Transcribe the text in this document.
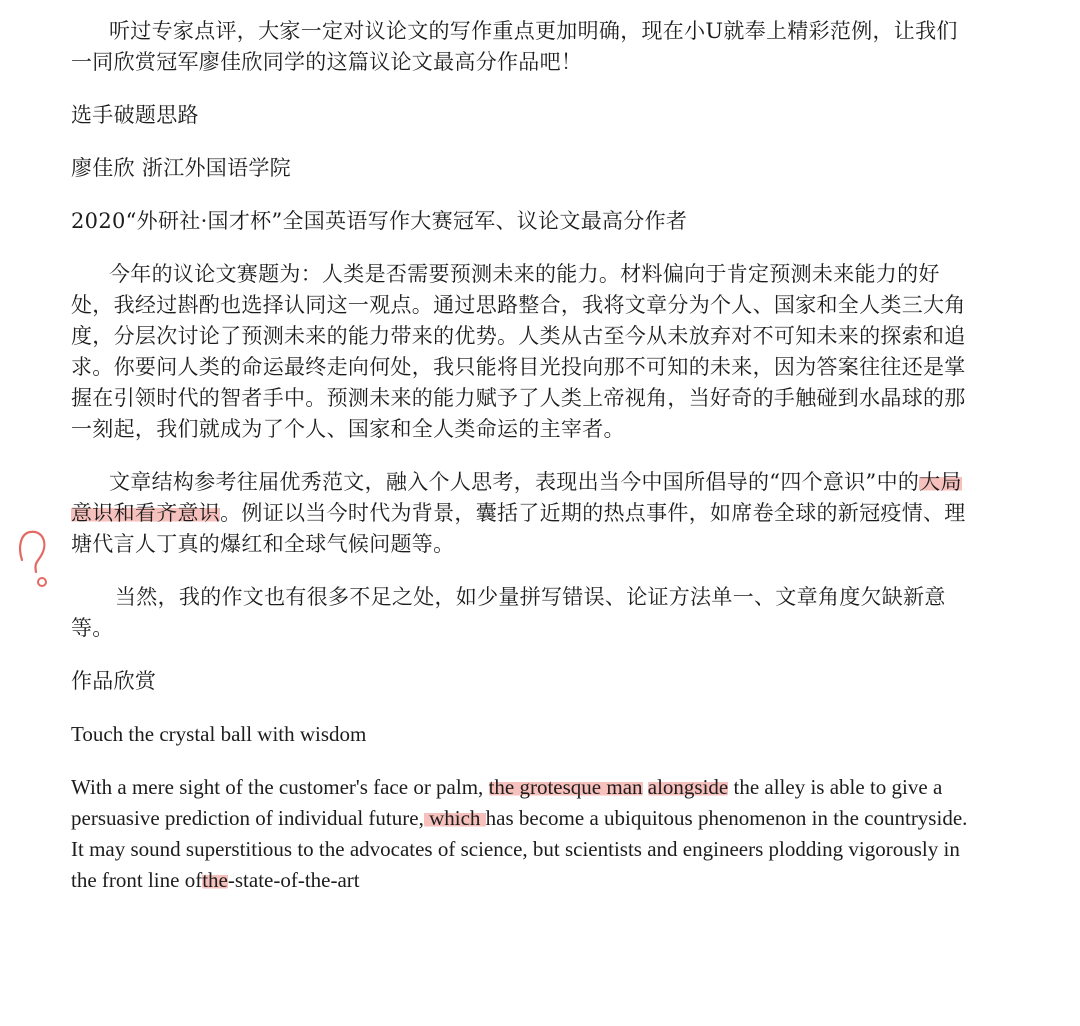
听过专家点评，大家一定对议论文的写作重点更加明确，现在小U就奉上精彩范例，让我们一同欣赏冠军廖佳欣同学的这篇议论文最高分作品吧！

选手破题思路

廖佳欣 浙江外国语学院

2020“外研社·国才杯”全国英语写作大赛冠军、议论文最高分作者

今年的议论文赛题为：人类是否需要预测未来的能力。材料偏向于肯定预测未来能力的好处，我经过斟酌也选择认同这一观点。通过思路整合，我将文章分为个人、国家和全人类三大角度，分层次讨论了预测未来的能力带来的优势。人类从古至今从未放弃对不可知未来的探索和追求。你要问人类的命运最终走向何处，我只能将目光投向那不可知的未来，因为答案往往还是掌握在引领时代的智者手中。预测未来的能力赋予了人类上帝视角，当好奇的手触碰到水晶球的那一刻起，我们就成为了个人、国家和全人类命运的主宰者。

文章结构参考往届优秀范文，融入个人思考，表现出当今中国所倡导的“四个意识”中的大局意识和看齐意识。例证以当今时代为背景，囊括了近期的热点事件，如席卷全球的新冠疫情、理塘代言人丁真的爆红和全球气候问题等。

当然，我的作文也有很多不足之处，如少量拼写错误、论证方法单一、文章角度欠缺新意等。

作品欣赏

Touch the crystal ball with wisdom

With a mere sight of the customer's face or palm, the grotesque man alongside the alley is able to give a persuasive prediction of individual future, which has become a ubiquitous phenomenon in the countryside. It may sound superstitious to the advocates of science, but scientists and engineers plodding vigorously in the front line ofthe-state-of-the-art
